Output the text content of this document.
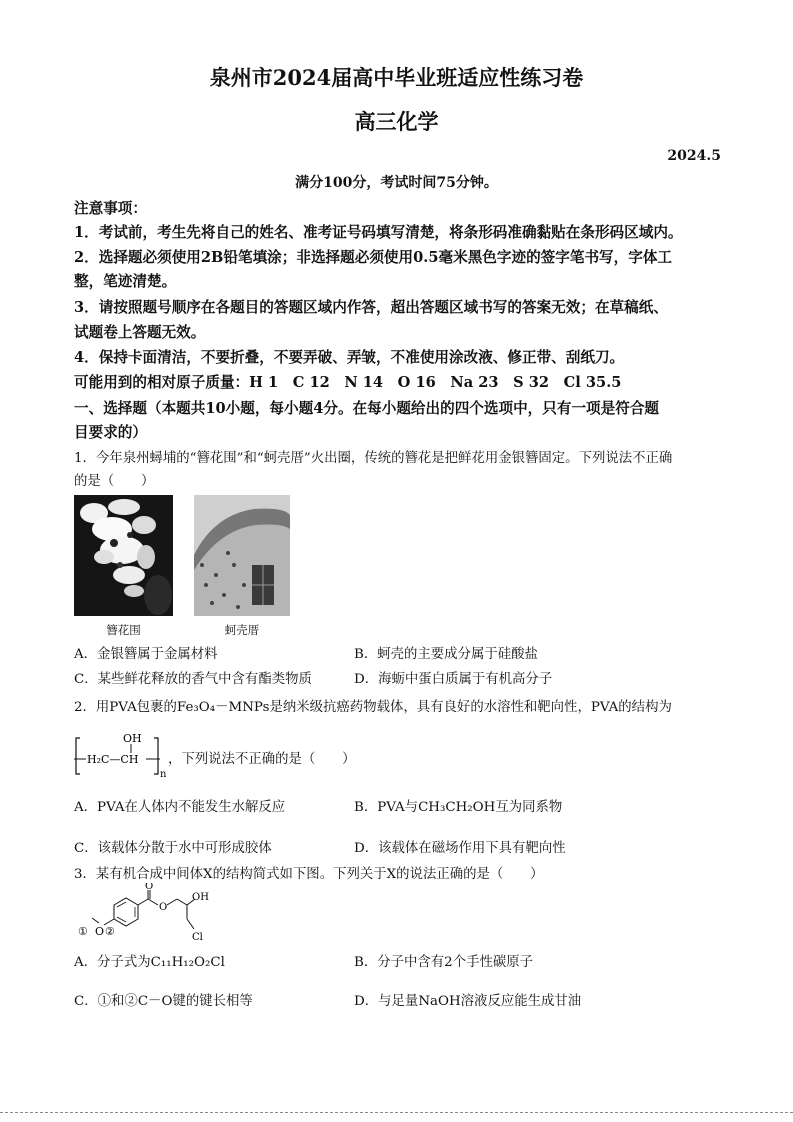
泉州市2024届高中毕业班适应性练习卷
高三化学
2024.5
满分100分，考试时间75分钟。
注意事项：
1．考试前，考生先将自己的姓名、准考证号码填写清楚，将条形码准确黏贴在条形码区域内。
2．选择题必须使用2B铅笔填涂；非选择题必须使用0.5毫米黑色字迹的签字笔书写，字体工
整，笔迹清楚。
3．请按照题号顺序在各题目的答题区域内作答，超出答题区域书写的答案无效；在草稿纸、
试题卷上答题无效。
4．保持卡面清洁，不要折叠，不要弄破、弄皱，不准使用涂改液、修正带、刮纸刀。
可能用到的相对原子质量：H 1　C 12　N 14　O 16　Na 23　S 32　Cl 35.5
一、选择题（本题共10小题，每小题4分。在每小题给出的四个选项中，只有一项是符合题
目要求的）
1．今年泉州蟳埔的“簪花围”和“蚵壳厝”火出圈，传统的簪花是把鲜花用金银簪固定。下列说法不正确
的是（　　）
簪花围	蚵壳厝
A．金银簪属于金属材料	B．蚵壳的主要成分属于硅酸盐
C．某些鲜花释放的香气中含有酯类物质	D．海蛎中蛋白质属于有机高分子
2．用PVA包裹的Fe₃O₄－MNPs是纳米级抗癌药物载体，具有良好的水溶性和靶向性，PVA的结构为
OH
H₂C—CH
n
，下列说法不正确的是（　　）
A．PVA在人体内不能发生水解反应	B．PVA与CH₃CH₂OH互为同系物
C．该载体分散于水中可形成胶体	D．该载体在磁场作用下具有靶向性
3．某有机合成中间体X的结构简式如下图。下列关于X的说法正确的是（　　）
O
① ②
O
O
OH
Cl
A．分子式为C₁₁H₁₂O₂Cl	B．分子中含有2个手性碳原子
C．①和②C－O键的键长相等	D．与足量NaOH溶液反应能生成甘油
